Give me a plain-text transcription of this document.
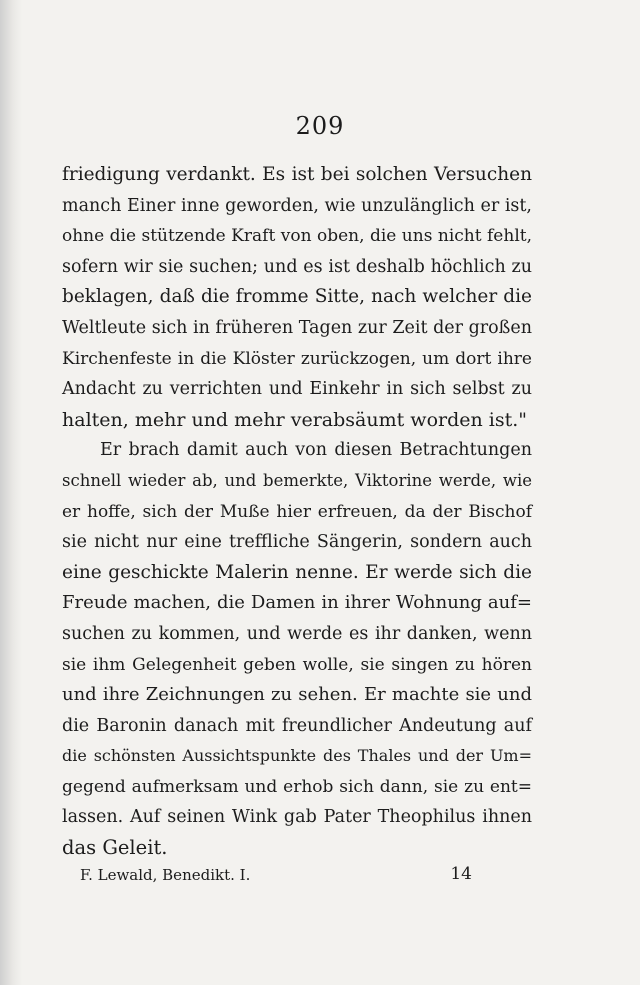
209
friedigung verdankt. Es ist bei solchen Versuchen
manch Einer inne geworden, wie unzulänglich er ist,
ohne die stützende Kraft von oben, die uns nicht fehlt,
sofern wir sie suchen; und es ist deshalb höchlich zu
beklagen, daß die fromme Sitte, nach welcher die
Weltleute sich in früheren Tagen zur Zeit der großen
Kirchenfeste in die Klöster zurückzogen, um dort ihre
Andacht zu verrichten und Einkehr in sich selbst zu
halten, mehr und mehr verabsäumt worden ist."
Er brach damit auch von diesen Betrachtungen
schnell wieder ab, und bemerkte, Viktorine werde, wie
er hoffe, sich der Muße hier erfreuen, da der Bischof
sie nicht nur eine treffliche Sängerin, sondern auch
eine geschickte Malerin nenne. Er werde sich die
Freude machen, die Damen in ihrer Wohnung auf=
suchen zu kommen, und werde es ihr danken, wenn
sie ihm Gelegenheit geben wolle, sie singen zu hören
und ihre Zeichnungen zu sehen. Er machte sie und
die Baronin danach mit freundlicher Andeutung auf
die schönsten Aussichtspunkte des Thales und der Um=
gegend aufmerksam und erhob sich dann, sie zu ent=
lassen. Auf seinen Wink gab Pater Theophilus ihnen
das Geleit.
F. Lewald, Benedikt. I.	14
